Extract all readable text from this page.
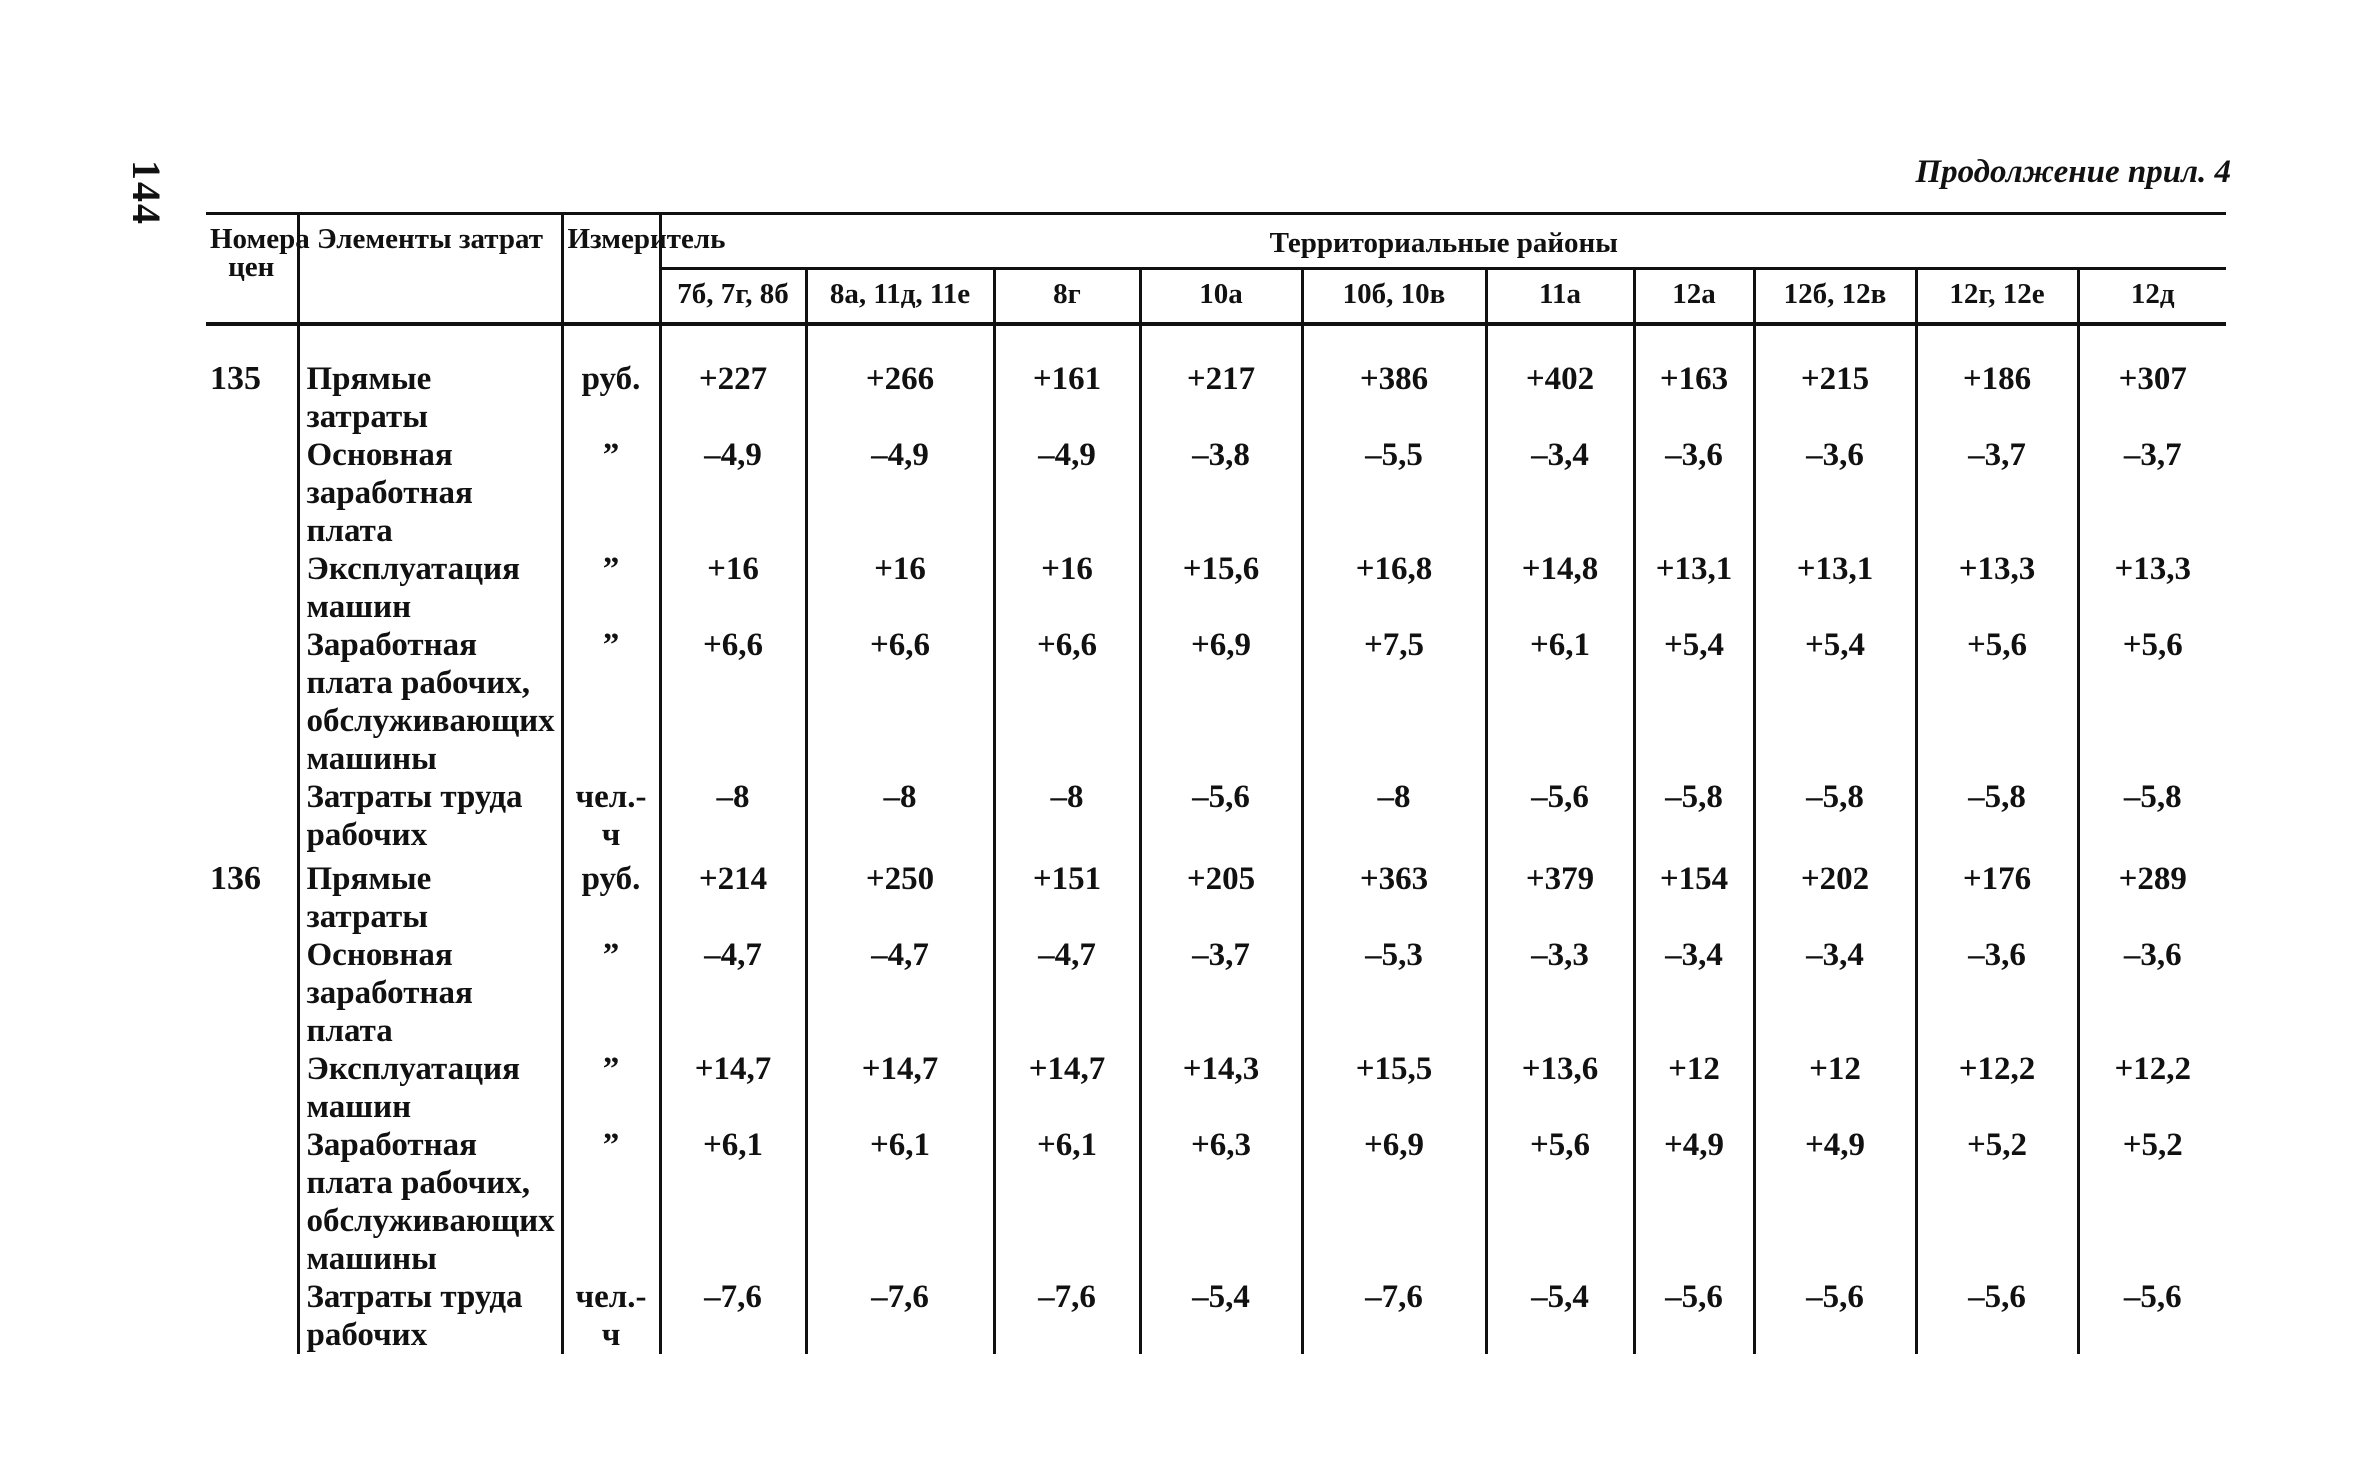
144	Продолжение прил. 4
Номера цен	Элементы затрат	Измеритель	Территориальные районы									
			7б, 7г, 8б	8а, 11д, 11е	8г	10а	10б, 10в	11а	12а	12б, 12в	12г, 12е	12д

135	Прямые затраты	руб.	+227	+266	+161	+217	+386	+402	+163	+215	+186	+307
	Основная заработная плата	”	–4,9	–4,9	–4,9	–3,8	–5,5	–3,4	–3,6	–3,6	–3,7	–3,7
	Эксплуатация машин	”	+16	+16	+16	+15,6	+16,8	+14,8	+13,1	+13,1	+13,3	+13,3
	Заработная плата рабочих, обслуживающих машины	”	+6,6	+6,6	+6,6	+6,9	+7,5	+6,1	+5,4	+5,4	+5,6	+5,6
	Затраты труда рабочих	чел.-ч	–8	–8	–8	–5,6	–8	–5,6	–5,8	–5,8	–5,8	–5,8
136	Прямые затраты	руб.	+214	+250	+151	+205	+363	+379	+154	+202	+176	+289
	Основная заработная плата	”	–4,7	–4,7	–4,7	–3,7	–5,3	–3,3	–3,4	–3,4	–3,6	–3,6
	Эксплуатация машин	”	+14,7	+14,7	+14,7	+14,3	+15,5	+13,6	+12	+12	+12,2	+12,2
	Заработная плата рабочих, обслуживающих машины	”	+6,1	+6,1	+6,1	+6,3	+6,9	+5,6	+4,9	+4,9	+5,2	+5,2
	Затраты труда рабочих	чел.-ч	–7,6	–7,6	–7,6	–5,4	–7,6	–5,4	–5,6	–5,6	–5,6	–5,6
